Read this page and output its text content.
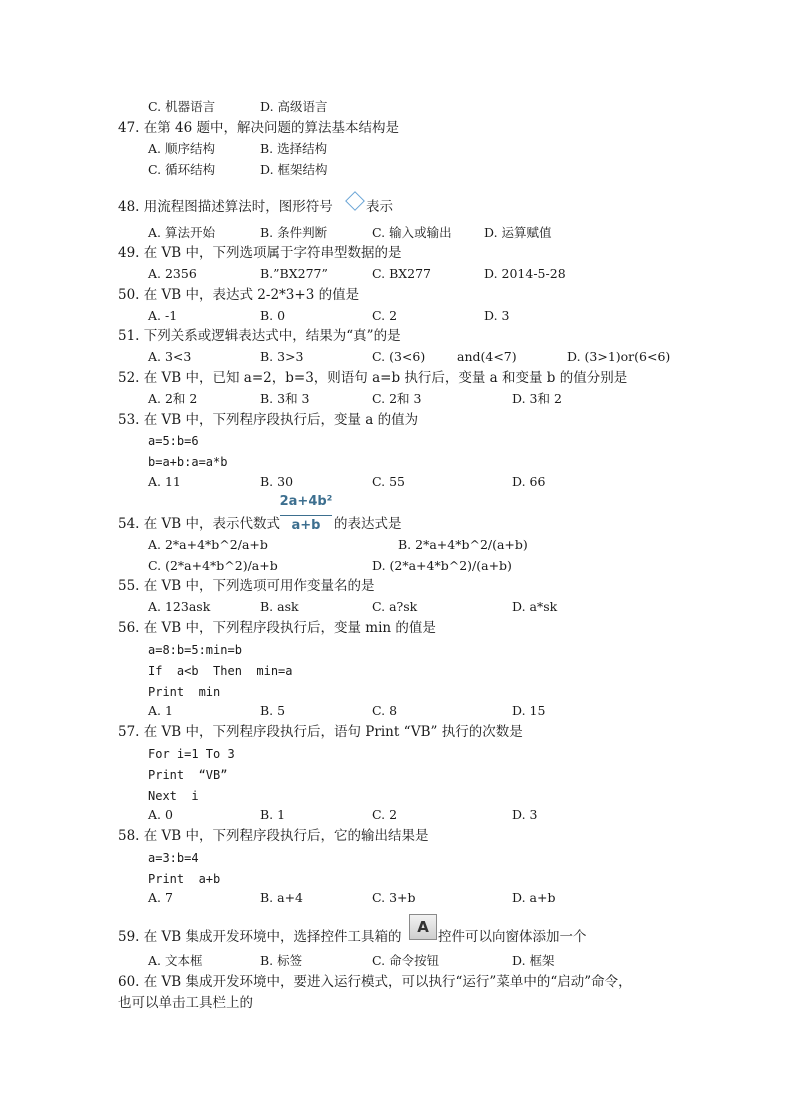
C. 机器语言	D. 高级语言
47. 在第 46 题中，解决问题的算法基本结构是
A. 顺序结构	B. 选择结构
C. 循环结构	D. 框架结构
48. 用流程图描述算法时，图形符号 表示
A. 算法开始	B. 条件判断	C. 输入或输出	D. 运算赋值
49. 在 VB 中，下列选项属于字符串型数据的是
A. 2356	B.”BX277”	C. BX277	D. 2014-5-28
50. 在 VB 中，表达式 2-2*3+3 的值是
A. -1	B. 0	C. 2	D. 3
51. 下列关系或逻辑表达式中，结果为“真”的是
A. 3<3	B. 3>3	C. (3<6)	and(4<7)	D. (3>1)or(6<6)
52. 在 VB 中，已知 a=2，b=3，则语句 a=b 执行后，变量 a 和变量 b 的值分别是
A. 2和 2	B. 3和 3	C. 2和 3	D. 3和 2
53. 在 VB 中，下列程序段执行后，变量 a 的值为
a=5:b=6
b=a+b:a=a*b
A. 11	B. 30	C. 55	D. 66
54. 在 VB 中，表示代数式
2a+4b²
a+b	的表达式是
A. 2*a+4*b^2/a+b	B. 2*a+4*b^2/(a+b)
C. (2*a+4*b^2)/a+b	D. (2*a+4*b^2)/(a+b)
55. 在 VB 中，下列选项可用作变量名的是
A. 123ask	B. ask	C. a?sk	D. a*sk
56. 在 VB 中，下列程序段执行后，变量 min 的值是
a=8:b=5:min=b
If  a<b  Then  min=a
Print  min
A. 1	B. 5	C. 8	D. 15
57. 在 VB 中，下列程序段执行后，语句 Print “VB” 执行的次数是
For i=1 To 3
Print  “VB”
Next  i
A. 0	B. 1	C. 2	D. 3
58. 在 VB 中，下列程序段执行后，它的输出结果是
a=3:b=4
Print  a+b
A. 7	B. a+4	C. 3+b	D. a+b
59. 在 VB 集成开发环境中，选择控件工具箱的
A
控件可以向窗体添加一个
A. 文本框	B. 标签	C. 命令按钮	D. 框架
60. 在 VB 集成开发环境中，要进入运行模式，可以执行“运行”菜单中的“启动”命令，
也可以单击工具栏上的
